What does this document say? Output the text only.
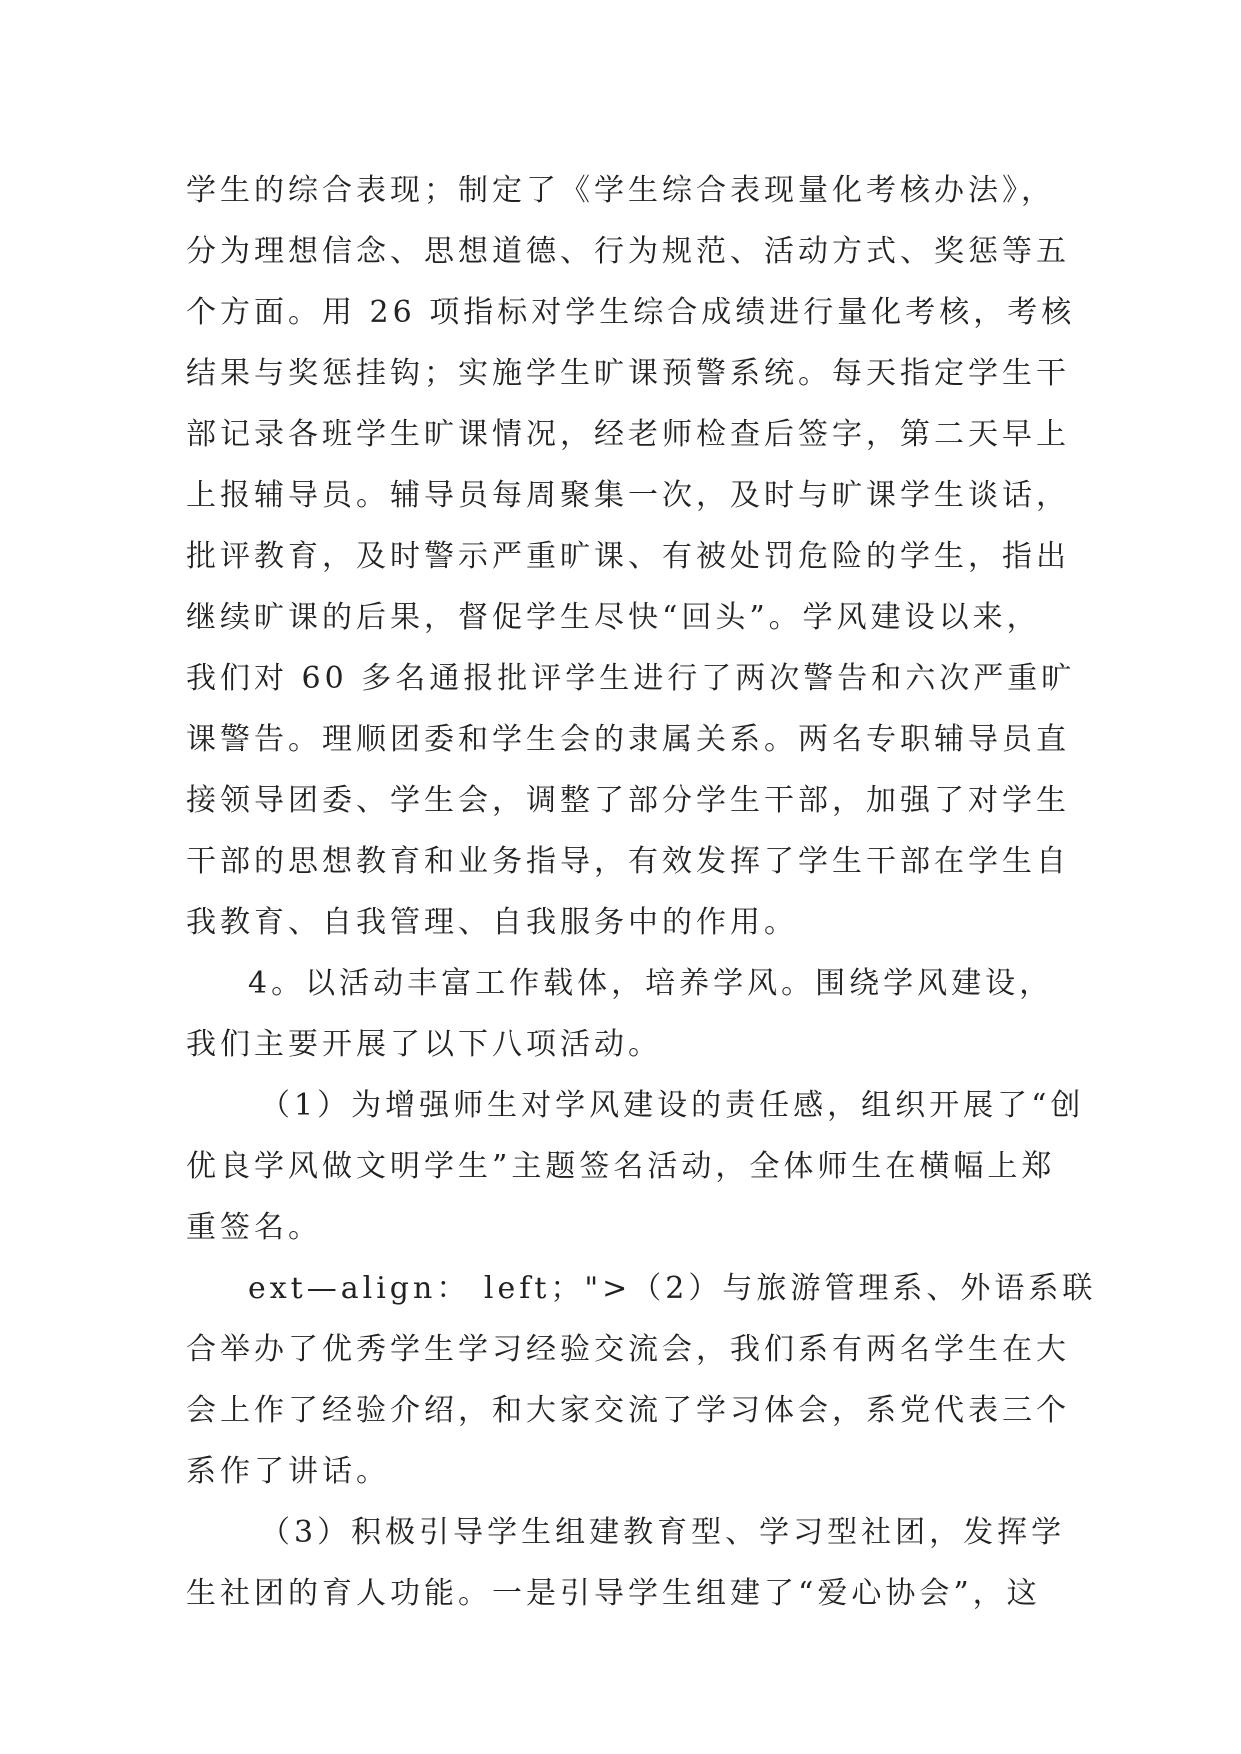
学生的综合表现；制定了《学生综合表现量化考核办法》，
分为理想信念、思想道德、行为规范、活动方式、奖惩等五
个方面。用 26 项指标对学生综合成绩进行量化考核，考核
结果与奖惩挂钩；实施学生旷课预警系统。每天指定学生干
部记录各班学生旷课情况，经老师检查后签字，第二天早上
上报辅导员。辅导员每周聚集一次，及时与旷课学生谈话，
批评教育，及时警示严重旷课、有被处罚危险的学生，指出
继续旷课的后果，督促学生尽快“回头”。学风建设以来，
我们对 60 多名通报批评学生进行了两次警告和六次严重旷
课警告。理顺团委和学生会的隶属关系。两名专职辅导员直
接领导团委、学生会，调整了部分学生干部，加强了对学生
干部的思想教育和业务指导，有效发挥了学生干部在学生自
我教育、自我管理、自我服务中的作用。
4。以活动丰富工作载体，培养学风。围绕学风建设，
我们主要开展了以下八项活动。
（1）为增强师生对学风建设的责任感，组织开展了“创
优良学风做文明学生”主题签名活动，全体师生在横幅上郑
重签名。
ext—align： left；">（2）与旅游管理系、外语系联
合举办了优秀学生学习经验交流会，我们系有两名学生在大
会上作了经验介绍，和大家交流了学习体会，系党代表三个
系作了讲话。
（3）积极引导学生组建教育型、学习型社团，发挥学
生社团的育人功能。一是引导学生组建了“爱心协会”，这
